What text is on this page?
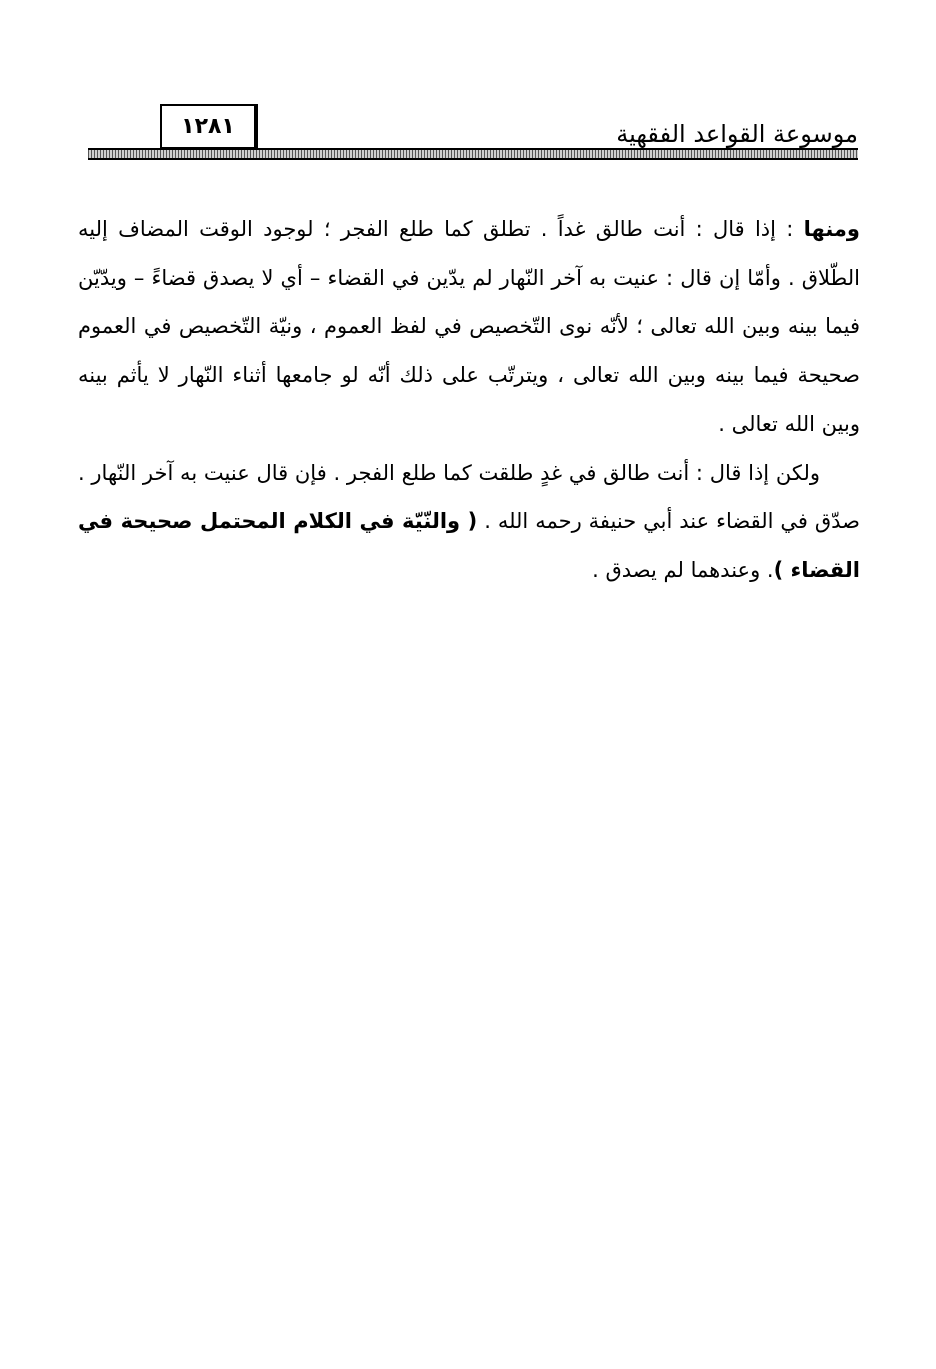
موسوعة القواعد الفقهية
١٢٨١

ومنها : إذا قال : أنت طالق غداً . تطلق كما طلع الفجر ؛ لوجود الوقت المضاف إليه الطّلاق . وأمّا إن قال : عنيت به آخر النّهار لم يدّين في القضاء – أي لا يصدق قضاءً – ويدّيّن فيما بينه وبين الله تعالى ؛ لأنّه نوى التّخصيص في لفظ العموم ، ونيّة التّخصيص في العموم صحيحة فيما بينه وبين الله تعالى ، ويترتّب على ذلك أنّه لو جامعها أثناء النّهار لا يأثم بينه وبين الله تعالى .

ولكن إذا قال : أنت طالق في غدٍ طلقت كما طلع الفجر . فإن قال عنيت به آخر النّهار . صدّق في القضاء عند أبي حنيفة رحمه الله . ( والنّيّة في الكلام المحتمل صحيحة في القضاء ). وعندهما لم يصدق .
